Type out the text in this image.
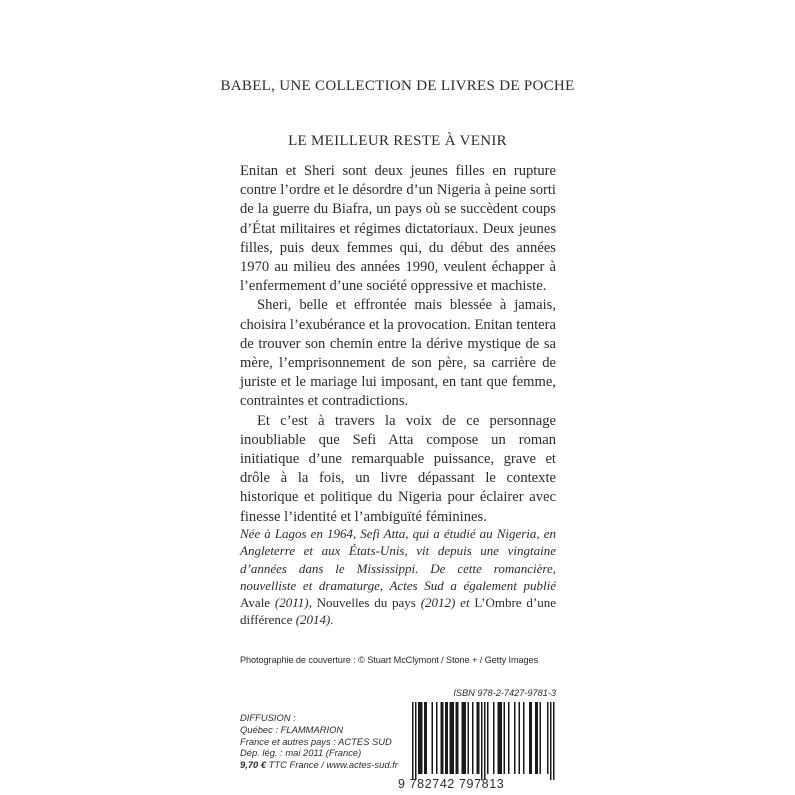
BABEL, UNE COLLECTION DE LIVRES DE POCHE
LE MEILLEUR RESTE À VENIR

Enitan et Sheri sont deux jeunes filles en rupture contre l’ordre et le désordre d’un Nigeria à peine sorti de la guerre du Biafra, un pays où se succèdent coups d’État militaires et régimes dictatoriaux. Deux jeunes filles, puis deux femmes qui, du début des années 1970 au milieu des années 1990, veulent échapper à l’enfermement d’une société oppressive et machiste.

Sheri, belle et effrontée mais blessée à jamais, choisira l’exubérance et la provocation. Enitan tentera de trouver son chemin entre la dérive mystique de sa mère, l’emprisonnement de son père, sa carrière de juriste et le mariage lui imposant, en tant que femme, contraintes et contradictions.

Et c’est à travers la voix de ce personnage inoubliable que Sefi Atta compose un roman initiatique d’une remarquable puissance, grave et drôle à la fois, un livre dépassant le contexte historique et politique du Nigeria pour éclairer avec finesse l’identité et l’ambiguïté féminines.

Née à Lagos en 1964, Sefi Atta, qui a étudié au Nigeria, en Angleterre et aux États-Unis, vit depuis une vingtaine d’années dans le Mississippi. De cette romancière, nouvelliste et dramaturge, Actes Sud a également publié Avale (2011), Nouvelles du pays (2012) et L’Ombre d’une différence (2014).
Photographie de couverture : © Stuart McClymont / Stone + / Getty Images
ISBN 978-2-7427-9781-3
DIFFUSION :
Québec : FLAMMARION
France et autres pays : ACTES SUD
Dép. lég. : mai 2011 (France)
9,70 € TTC France / www.actes-sud.fr
9 782742 797813
